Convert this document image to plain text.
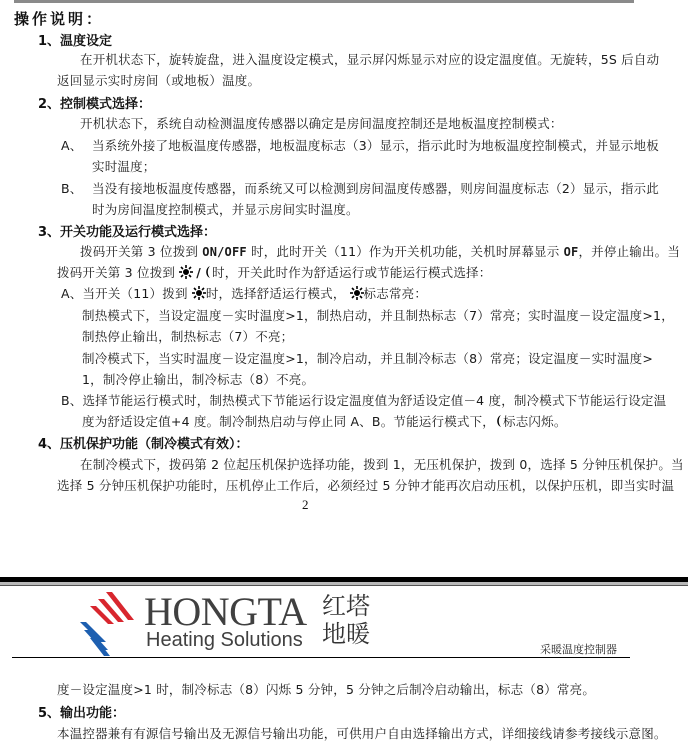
操作说明：
1、温度设定
在开机状态下，旋转旋盘，进入温度设定模式，显示屏闪烁显示对应的设定温度值。无旋转，5S 后自动
返回显示实时房间（或地板）温度。
2、控制模式选择：
开机状态下，系统自动检测温度传感器以确定是房间温度控制还是地板温度控制模式：
A、 当系统外接了地板温度传感器，地板温度标志（3）显示，指示此时为地板温度控制模式，并显示地板
实时温度；
B、 当没有接地板温度传感器，而系统又可以检测到房间温度传感器，则房间温度标志（2）显示，指示此
时为房间温度控制模式，并显示房间实时温度。
3、开关功能及运行模式选择：
拨码开关第 3 位拨到 ON/OFF 时，此时开关（11）作为开关机功能，关机时屏幕显示 OF，并停止输出。当
拨码开关第 3 位拨到 / 时，开关此时作为舒适运行或节能运行模式选择：
A、当开关（11）拨到 时，选择舒适运行模式， 标志常亮：
制热模式下，当设定温度－实时温度>1，制热启动，并且制热标志（7）常亮；实时温度－设定温度>1，
制热停止输出，制热标志（7）不亮；
制冷模式下，当实时温度－设定温度>1，制冷启动，并且制冷标志（8）常亮；设定温度－实时温度>
1，制冷停止输出，制冷标志（8）不亮。
B、选择节能运行模式时，制热模式下节能运行设定温度值为舒适设定值－4 度，制冷模式下节能运行设定温
度为舒适设定值+4 度。制冷制热启动与停止同 A、B。节能运行模式下， 标志闪烁。
4、压机保护功能（制冷模式有效）：
在制冷模式下，拨码第 2 位起压机保护选择功能，拨到 1，无压机保护，拨到 0，选择 5 分钟压机保护。当
选择 5 分钟压机保护功能时，压机停止工作后，必须经过 5 分钟才能再次启动压机，以保护压机，即当实时温
2
HONGTA
Heating Solutions
红塔
地暖
采暖温度控制器
度－设定温度>1 时，制冷标志（8）闪烁 5 分钟，5 分钟之后制冷启动输出，标志（8）常亮。
5、输出功能：
本温控器兼有有源信号输出及无源信号输出功能，可供用户自由选择输出方式，详细接线请参考接线示意图。
